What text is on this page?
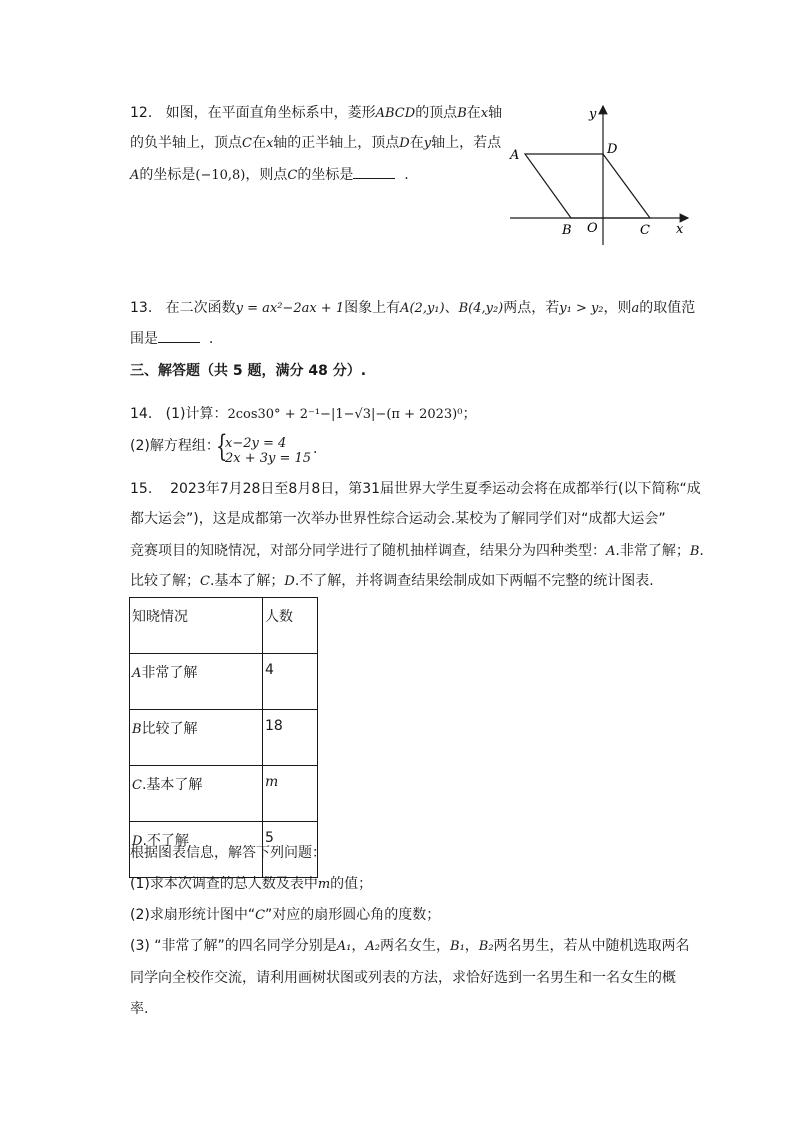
12. 如图，在平面直角坐标系中，菱形ABCD的顶点B在x轴
的负半轴上，顶点C在x轴的正半轴上，顶点D在y轴上，若点
A的坐标是(−10,8)，则点C的坐标是	.
y
A	D
B O	C x
13. 在二次函数y = ax²−2ax + 1图象上有A(2,y₁)、B(4,y₂)两点，若y₁ > y₂，则a的取值范
围是	.
三、解答题（共 5 题，满分 48 分）.
14. (1)计算：2cos30° + 2⁻¹−|1−√3|−(π + 2023)⁰；
(2)解方程组：
{
x−2y = 4
2x + 3y = 15
.
15. 2023年7月28日至8月8日，第31届世界大学生夏季运动会将在成都举行(以下简称“成
都大运会”)，这是成都第一次举办世界性综合运动会.某校为了解同学们对“成都大运会”
竞赛项目的知晓情况，对部分同学进行了随机抽样调查，结果分为四种类型：A.非常了解；B.
比较了解；C.基本了解；D.不了解，并将调查结果绘制成如下两幅不完整的统计图表.
知晓情况	人数
A非常了解	4
B比较了解	18
C.基本了解	m
D.不了解	5
根据图表信息，解答下列问题：
(1)求本次调查的总人数及表中m的值；
(2)求扇形统计图中“C”对应的扇形圆心角的度数；
(3) “非常了解”的四名同学分别是A₁，A₂两名女生，B₁，B₂两名男生，若从中随机选取两名
同学向全校作交流，请利用画树状图或列表的方法，求恰好选到一名男生和一名女生的概
率.
